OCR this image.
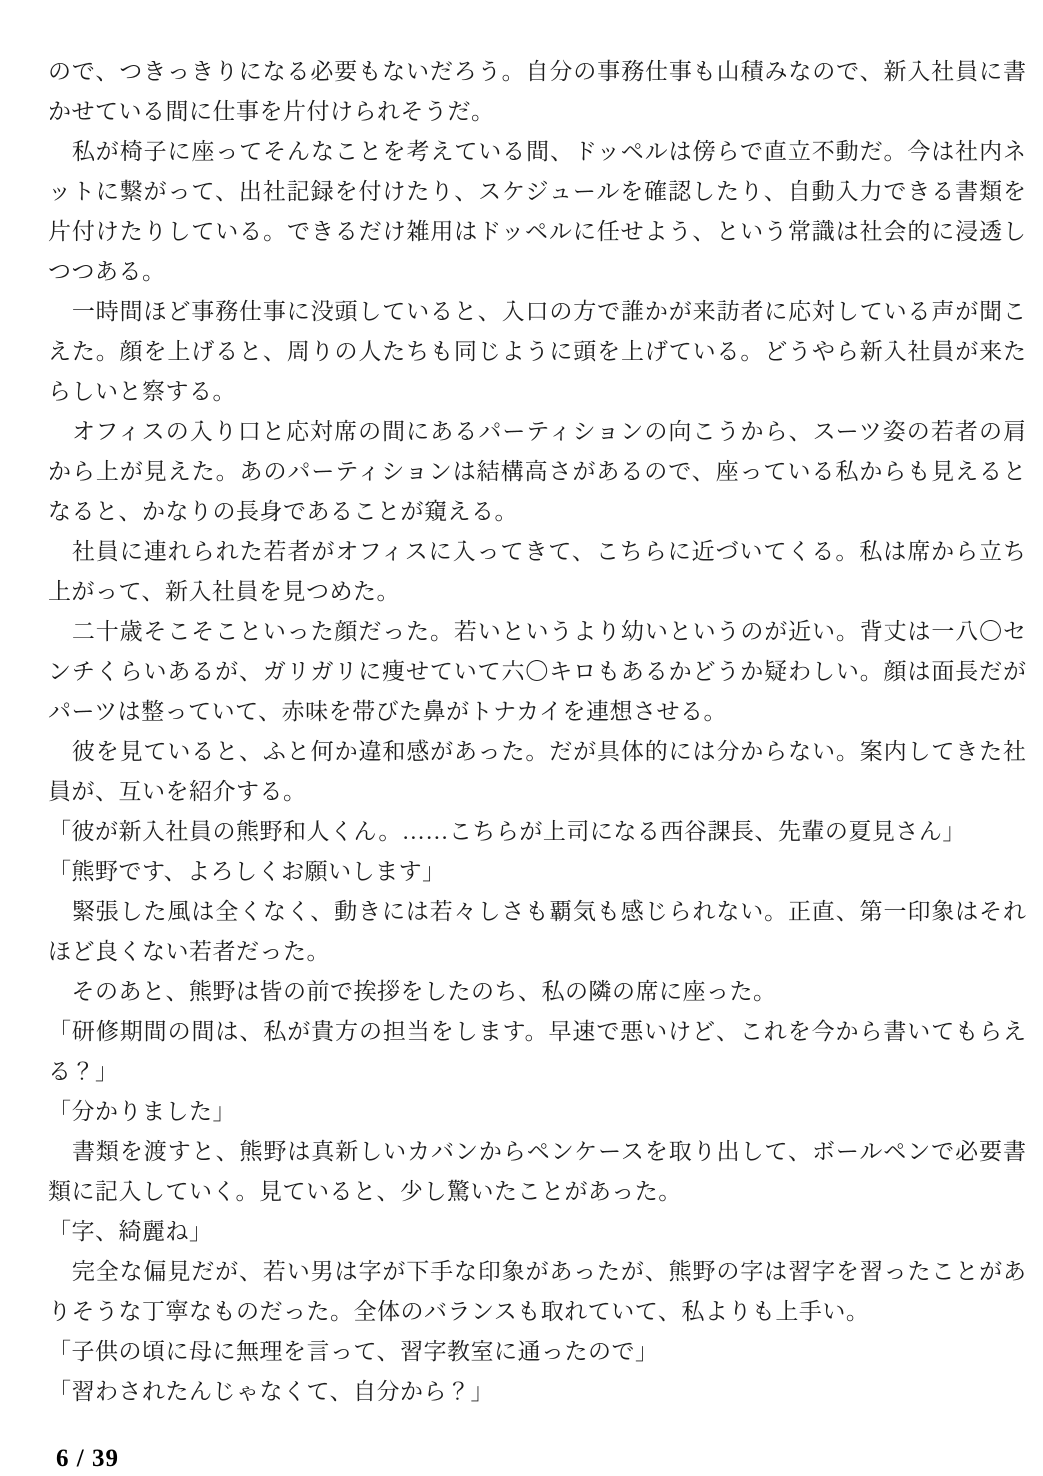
ので、つきっきりになる必要もないだろう。自分の事務仕事も山積みなので、新入社員に書
かせている間に仕事を片付けられそうだ。
　私が椅子に座ってそんなことを考えている間、ドッペルは傍らで直立不動だ。今は社内ネ
ットに繋がって、出社記録を付けたり、スケジュールを確認したり、自動入力できる書類を
片付けたりしている。できるだけ雑用はドッペルに任せよう、という常識は社会的に浸透し
つつある。
　一時間ほど事務仕事に没頭していると、入口の方で誰かが来訪者に応対している声が聞こ
えた。顔を上げると、周りの人たちも同じように頭を上げている。どうやら新入社員が来た
らしいと察する。
　オフィスの入り口と応対席の間にあるパーティションの向こうから、スーツ姿の若者の肩
から上が見えた。あのパーティションは結構高さがあるので、座っている私からも見えると
なると、かなりの長身であることが窺える。
　社員に連れられた若者がオフィスに入ってきて、こちらに近づいてくる。私は席から立ち
上がって、新入社員を見つめた。
　二十歳そこそこといった顔だった。若いというより幼いというのが近い。背丈は一八〇セ
ンチくらいあるが、ガリガリに痩せていて六〇キロもあるかどうか疑わしい。顔は面長だが
パーツは整っていて、赤味を帯びた鼻がトナカイを連想させる。
　彼を見ていると、ふと何か違和感があった。だが具体的には分からない。案内してきた社
員が、互いを紹介する。
「彼が新入社員の熊野和人くん。……こちらが上司になる西谷課長、先輩の夏見さん」
「熊野です、よろしくお願いします」
　緊張した風は全くなく、動きには若々しさも覇気も感じられない。正直、第一印象はそれ
ほど良くない若者だった。
　そのあと、熊野は皆の前で挨拶をしたのち、私の隣の席に座った。
「研修期間の間は、私が貴方の担当をします。早速で悪いけど、これを今から書いてもらえ
る？」
「分かりました」
　書類を渡すと、熊野は真新しいカバンからペンケースを取り出して、ボールペンで必要書
類に記入していく。見ていると、少し驚いたことがあった。
「字、綺麗ね」
　完全な偏見だが、若い男は字が下手な印象があったが、熊野の字は習字を習ったことがあ
りそうな丁寧なものだった。全体のバランスも取れていて、私よりも上手い。
「子供の頃に母に無理を言って、習字教室に通ったので」
「習わされたんじゃなくて、自分から？」
6 / 39
